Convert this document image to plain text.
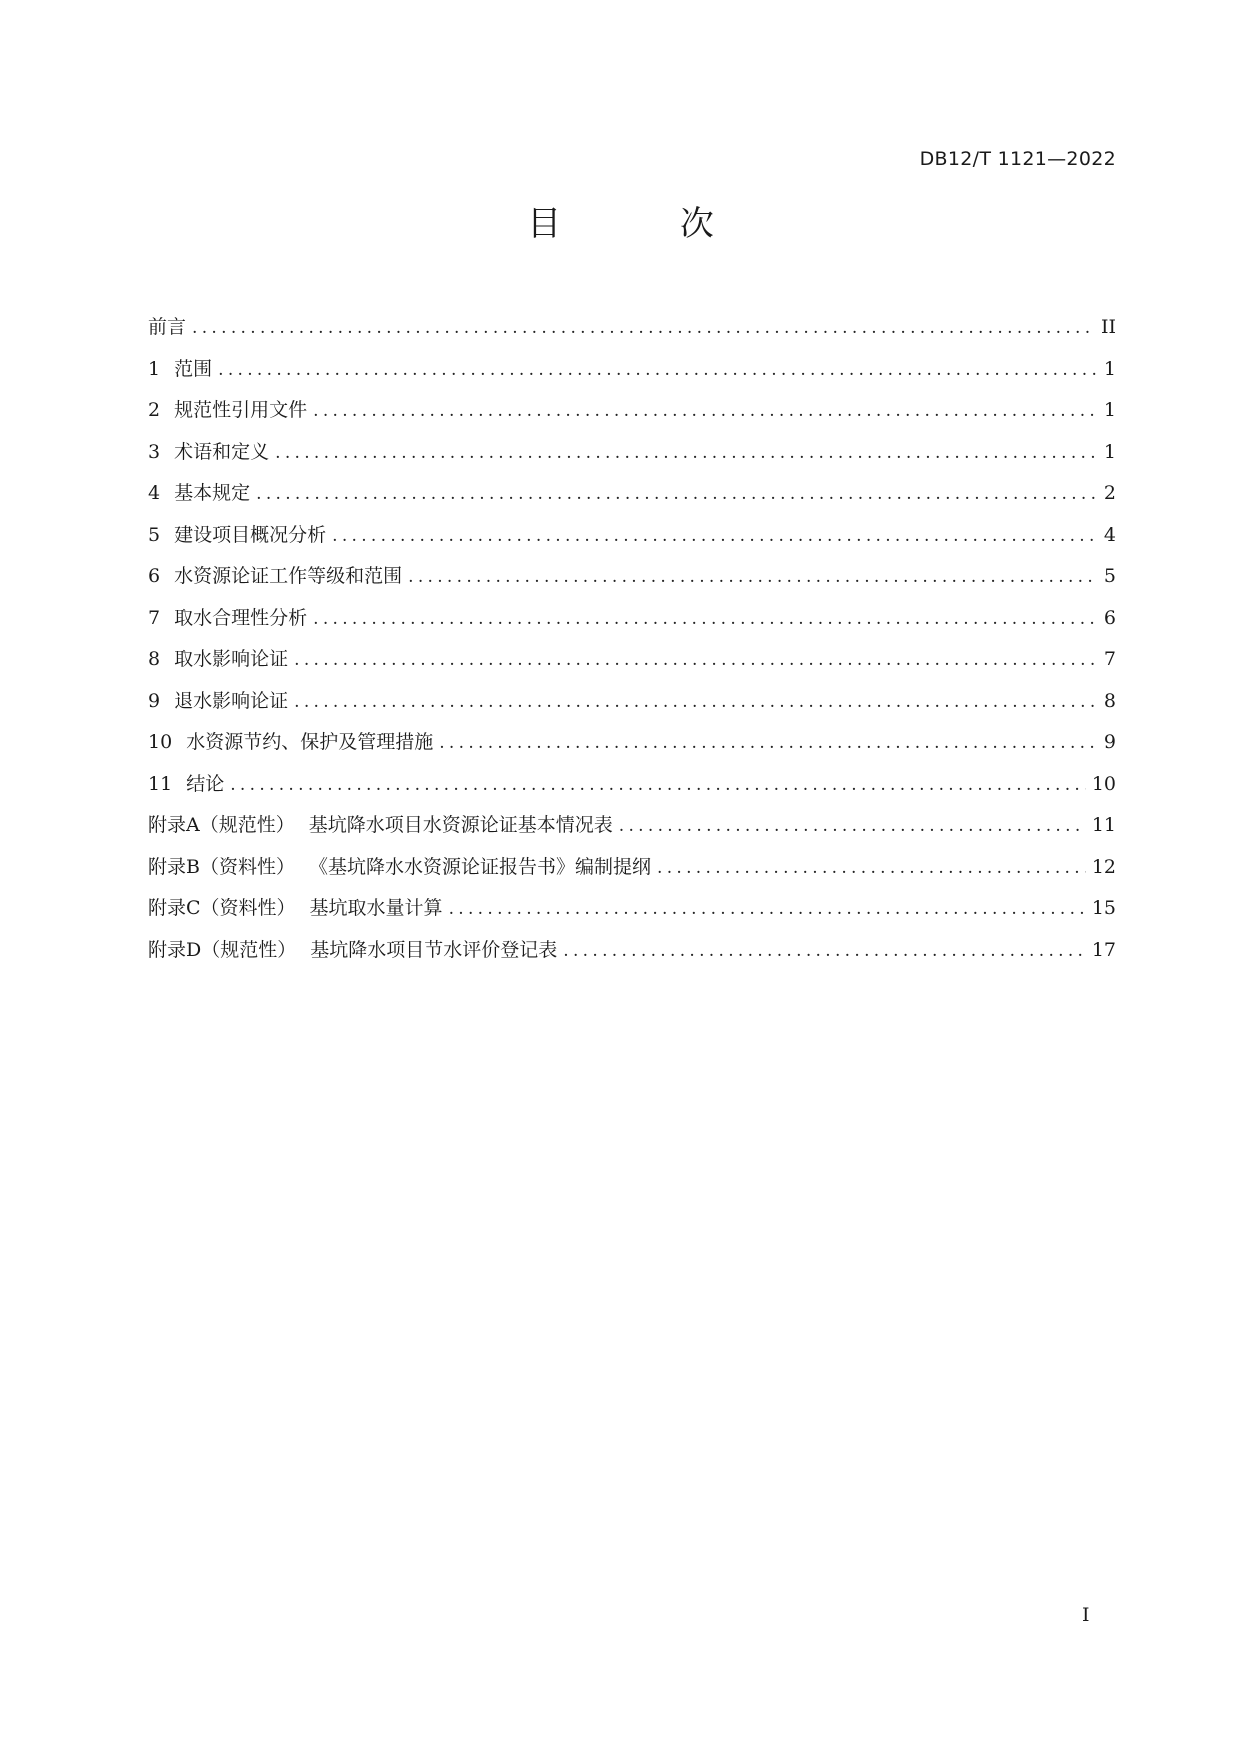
DB12/T 1121—2022
目 次
前言 .....	II
1 范围 .....	1
2 规范性引用文件 .....	1
3 术语和定义 .....	1
4 基本规定 .....	2
5 建设项目概况分析 .....	4
6 水资源论证工作等级和范围 .....	5
7 取水合理性分析 .....	6
8 取水影响论证 .....	7
9 退水影响论证 .....	8
10 水资源节约、保护及管理措施 .....	9
11 结论 .....	10
附录A（规范性） 基坑降水项目水资源论证基本情况表 .....	11
附录B（资料性） 《基坑降水水资源论证报告书》编制提纲 .....	12
附录C（资料性） 基坑取水量计算 .....	15
附录D（规范性） 基坑降水项目节水评价登记表 .....	17
I
